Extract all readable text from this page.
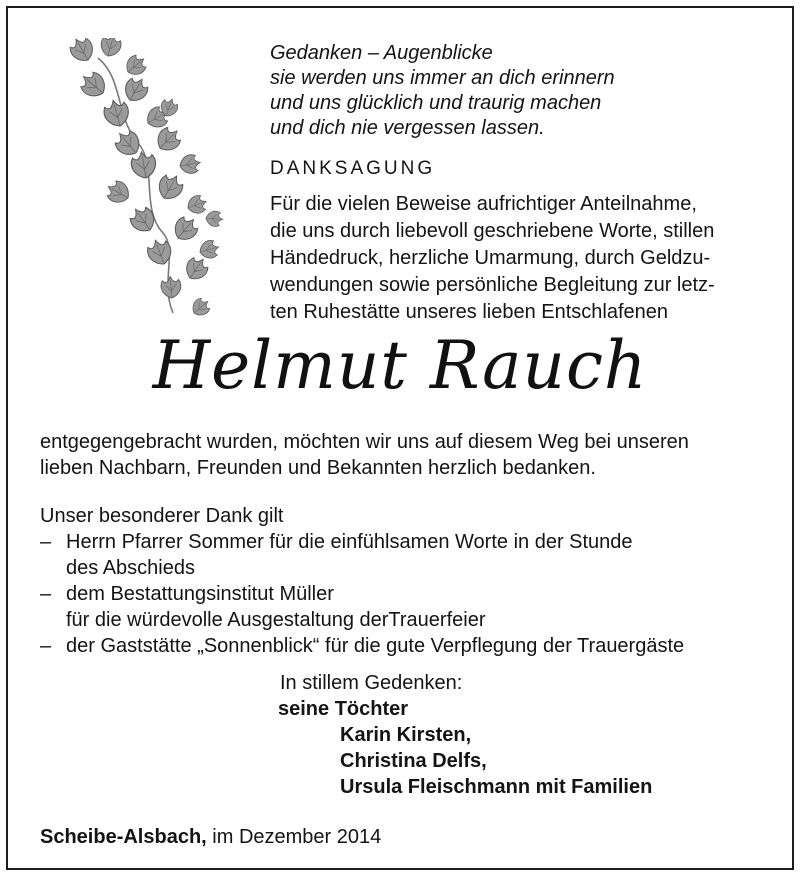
Gedanken – Augenblicke
sie werden uns immer an dich erinnern
und uns glücklich und traurig machen
und dich nie vergessen lassen.
DANKSAGUNG
Für die vielen Beweise aufrichtiger Anteilnahme,
die uns durch liebevoll geschriebene Worte, stillen
Händedruck, herzliche Umarmung, durch Geldzu-
wendungen sowie persönliche Begleitung zur letz-
ten Ruhestätte unseres lieben Entschlafenen
Helmut Rauch
entgegengebracht wurden, möchten wir uns auf diesem Weg bei unseren
lieben Nachbarn, Freunden und Bekannten herzlich bedanken.
Unser besonderer Dank gilt
– Herrn Pfarrer Sommer für die einfühlsamen Worte in der Stunde
des Abschieds
– dem Bestattungsinstitut Müller
für die würdevolle Ausgestaltung derTrauerfeier
– der Gaststätte „Sonnenblick“ für die gute Verpflegung der Trauergäste
In stillem Gedenken:
seine Töchter
Karin Kirsten,
Christina Delfs,
Ursula Fleischmann mit Familien
Scheibe-Alsbach, im Dezember 2014
